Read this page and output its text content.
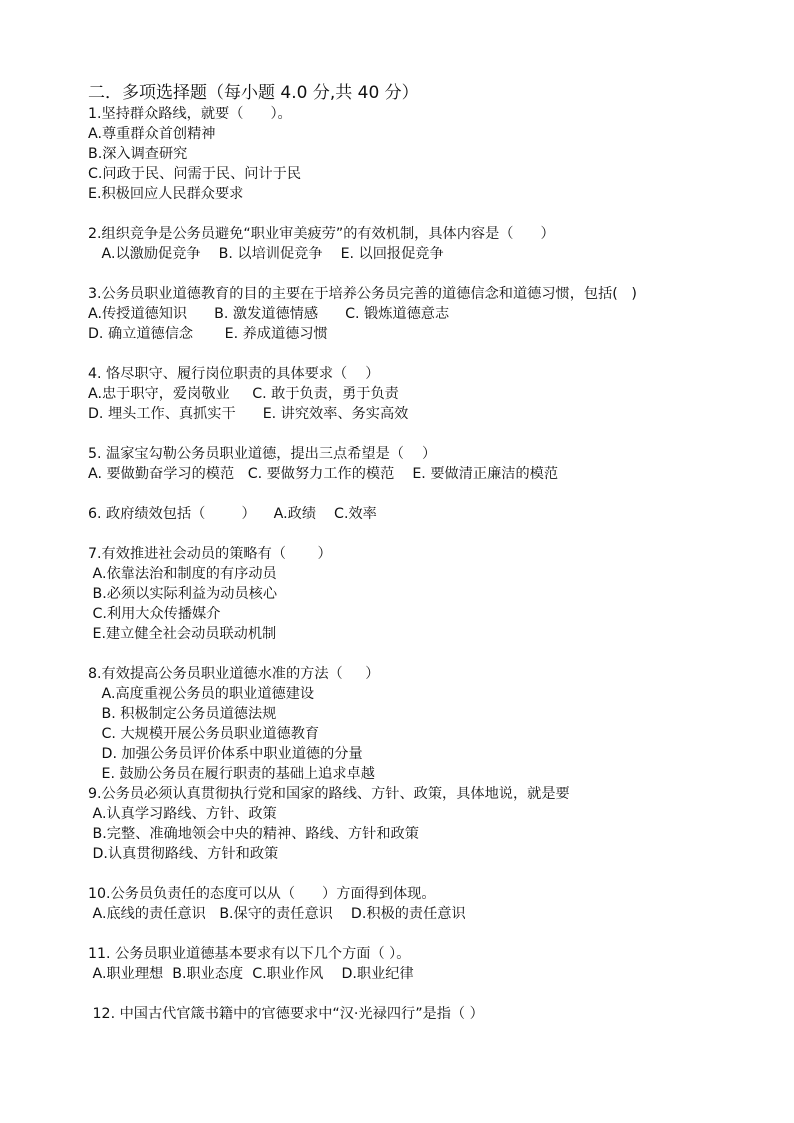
二．多项选择题（每小题 4.0 分,共 40 分）
1.坚持群众路线，就要（      ）。
A.尊重群众首创精神
B.深入调查研究
C.问政于民、问需于民、问计于民
E.积极回应人民群众要求
2.组织竞争是公务员避免“职业审美疲劳”的有效机制，具体内容是（      ）
A.以激励促竞争    B. 以培训促竞争    E. 以回报促竞争
3.公务员职业道德教育的目的主要在于培养公务员完善的道德信念和道德习惯，包括(   )
A.传授道德知识      B. 激发道德情感      C. 锻炼道德意志
D. 确立道德信念       E. 养成道德习惯
4. 恪尽职守、履行岗位职责的具体要求（    ）
A.忠于职守，爱岗敬业     C. 敢于负责，勇于负责
D. 埋头工作、真抓实干      E. 讲究效率、务实高效
5. 温家宝勾勒公务员职业道德，提出三点希望是（    ）
A. 要做勤奋学习的模范   C. 要做努力工作的模范    E. 要做清正廉洁的模范
6. 政府绩效包括（        ）    A.政绩    C.效率
7.有效推进社会动员的策略有（       ）
A.依靠法治和制度的有序动员
B.必须以实际利益为动员核心
C.利用大众传播媒介
E.建立健全社会动员联动机制
8.有效提高公务员职业道德水准的方法（     ）
A.高度重视公务员的职业道德建设
B. 积极制定公务员道德法规
C. 大规模开展公务员职业道德教育
D. 加强公务员评价体系中职业道德的分量
E. 鼓励公务员在履行职责的基础上追求卓越
9.公务员必须认真贯彻执行党和国家的路线、方针、政策，具体地说，就是要
A.认真学习路线、方针、政策
B.完整、准确地领会中央的精神、路线、方针和政策
D.认真贯彻路线、方针和政策
10.公务员负责任的态度可以从（      ）方面得到体现。
A.底线的责任意识   B.保守的责任意识    D.积极的责任意识
11. 公务员职业道德基本要求有以下几个方面（ ）。
A.职业理想  B.职业态度  C.职业作风    D.职业纪律
12. 中国古代官箴书籍中的官德要求中“汉·光禄四行”是指（ ）
